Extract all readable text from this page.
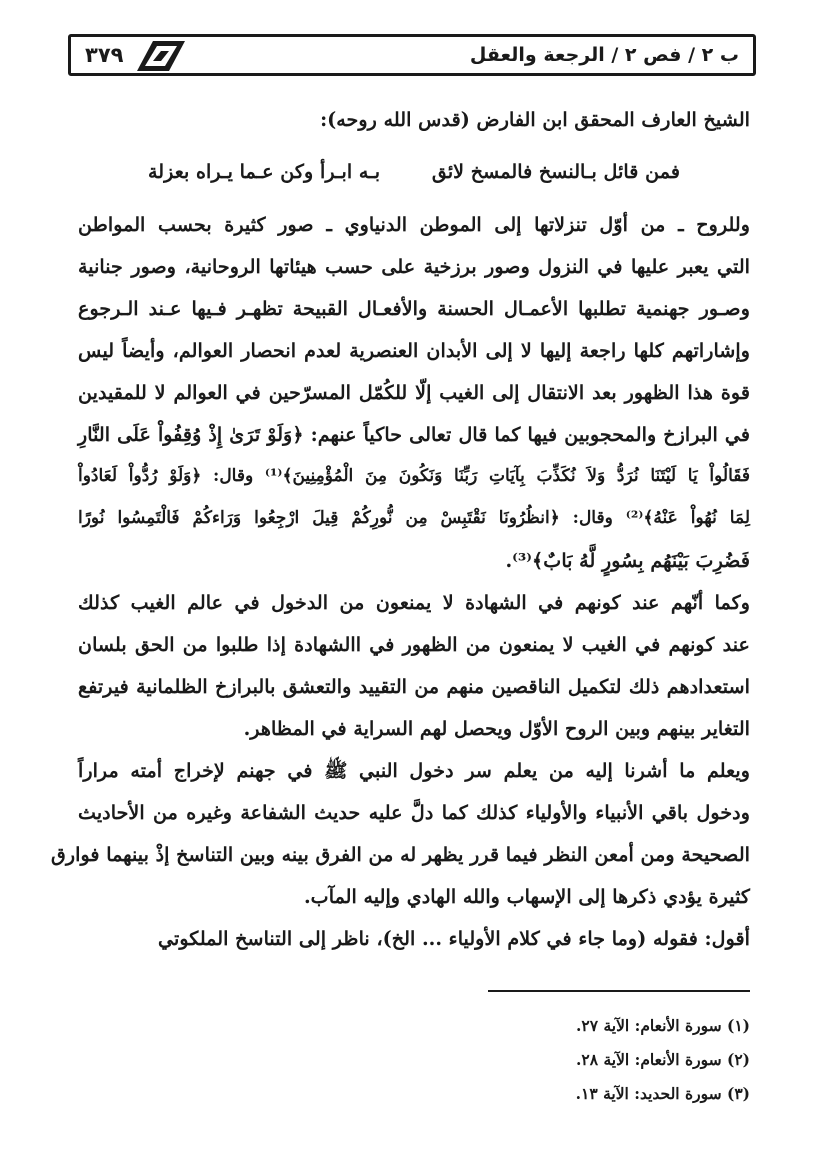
ب ٢ / فص ٢ / الرجعة والعقل
٣٧٩
الشيخ العارف المحقق ابن الفارض (قدس الله روحه):
فمن قائل بـالنسخ فالمسخ لائق
بـه ابـرأ وكن عـما يـراه بعزلة
وللروح ـ من أوّل تنزلاتها إلى الموطن الدنياوي ـ صور كثيرة بحسب المواطن
التي يعبر عليها في النزول وصور برزخية على حسب هيئاتها الروحانية، وصور جنانية
وصـور جهنمية تطلبها الأعمـال الحسنة والأفعـال القبيحة تظهـر فـيها عـند الـرجوع
وإشاراتهم كلها راجعة إليها لا إلى الأبدان العنصرية لعدم انحصار العوالم، وأيضاً ليس
قوة هذا الظهور بعد الانتقال إلى الغيب إلّا للكُمّل المسرّحين في العوالم لا للمقيدين
في البرازخ والمحجوبين فيها كما قال تعالى حاكياً عنهم: ﴿وَلَوْ تَرَىٰ إِذْ وُقِفُواْ عَلَى النَّارِ
فَقَالُواْ يَا لَيْتَنَا نُرَدُّ وَلاَ نُكَذِّبَ بِآيَاتِ رَبِّنَا وَنَكُونَ مِنَ الْمُؤْمِنِينَ﴾⁽¹⁾ وقال: ﴿وَلَوْ رُدُّواْ لَعَادُواْ
لِمَا نُهُواْ عَنْهُ﴾⁽²⁾ وقال: ﴿انظُرُونَا نَقْتَبِسْ مِن نُّورِكُمْ قِيلَ ارْجِعُوا وَرَاءكُمْ فَالْتَمِسُوا نُورًا
فَضُرِبَ بَيْنَهُم بِسُورٍ لَّهُ بَابٌ﴾⁽³⁾.
وكما أنّهم عند كونهم في الشهادة لا يمنعون من الدخول في عالم الغيب كذلك
عند كونهم في الغيب لا يمنعون من الظهور في االشهادة إذا طلبوا من الحق بلسان
استعدادهم ذلك لتكميل الناقصين منهم من التقييد والتعشق بالبرازخ الظلمانية فيرتفع
التغاير بينهم وبين الروح الأوّل ويحصل لهم السراية في المظاهر.
ويعلم ما أشرنا إليه من يعلم سر دخول النبي ﷺ في جهنم لإخراج أمته مراراً
ودخول باقي الأنبياء والأولياء كذلك كما دلَّ عليه حديث الشفاعة وغيره من الأحاديث
الصحيحة ومن أمعن النظر فيما قرر يظهر له من الفرق بينه وبين التناسخ إذْ بينهما فوارق
كثيرة يؤدي ذكرها إلى الإسهاب والله الهادي وإليه المآب.
أقول: فقوله (وما جاء في كلام الأولياء ... الخ)، ناظر إلى التناسخ الملكوتي
(١) سورة الأنعام: الآية ٢٧.
(٢) سورة الأنعام: الآية ٢٨.
(٣) سورة الحديد: الآية ١٣.
